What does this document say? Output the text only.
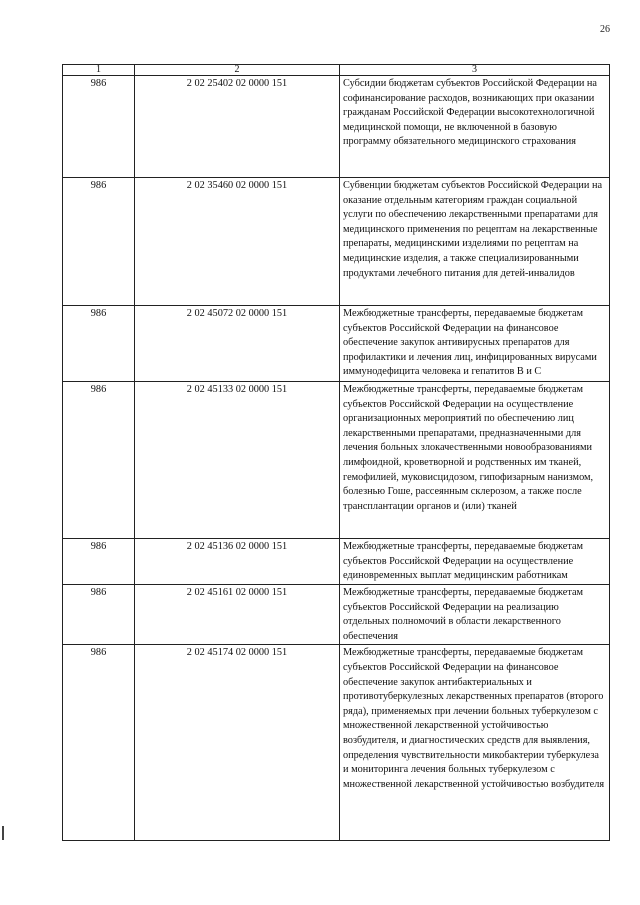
26
1	2	3
986	2 02 25402 02 0000 151	Субсидии бюджетам субъектов Российской Федерации на софинансирование расходов, возникающих при оказании гражданам Российской Федерации высокотехнологичной медицинской помощи, не включенной в базовую программу обязательного медицинского страхования
986	2 02 35460 02 0000 151	Субвенции бюджетам субъектов Российской Федерации на оказание отдельным категориям граждан социальной услуги по обеспечению лекарственными препаратами для медицинского применения по рецептам на лекарственные препараты, медицинскими изделиями по рецептам на медицинские изделия, а также специализированными продуктами лечебного питания для детей-инвалидов
986	2 02 45072 02 0000 151	Межбюджетные трансферты, передаваемые бюджетам субъектов Российской Федерации на финансовое обеспечение закупок антивирусных препаратов для профилактики и лечения лиц, инфицированных вирусами иммунодефицита человека и гепатитов В и С
986	2 02 45133 02 0000 151	Межбюджетные трансферты, передаваемые бюджетам субъектов Российской Федерации на осуществление организационных мероприятий по обеспечению лиц лекарственными препаратами, предназначенными для лечения больных злокачественными новообразованиями лимфоидной, кроветворной и родственных им тканей, гемофилией, муковисцидозом, гипофизарным нанизмом, болезнью Гоше, рассеянным склерозом, а также после трансплантации органов и (или) тканей
986	2 02 45136 02 0000 151	Межбюджетные трансферты, передаваемые бюджетам субъектов Российской Федерации на осуществление единовременных выплат медицинским работникам
986	2 02 45161 02 0000 151	Межбюджетные трансферты, передаваемые бюджетам субъектов Российской Федерации на реализацию отдельных полномочий в области лекарственного обеспечения
986	2 02 45174 02 0000 151	Межбюджетные трансферты, передаваемые бюджетам субъектов Российской Федерации на финансовое обеспечение закупок антибактериальных и противотуберкулезных лекарственных препаратов (второго ряда), применяемых при лечении больных туберкулезом с множественной лекарственной устойчивостью возбудителя, и диагностических средств для выявления, определения чувствительности микобактерии туберкулеза и мониторинга лечения больных туберкулезом с множественной лекарственной устойчивостью возбудителя
